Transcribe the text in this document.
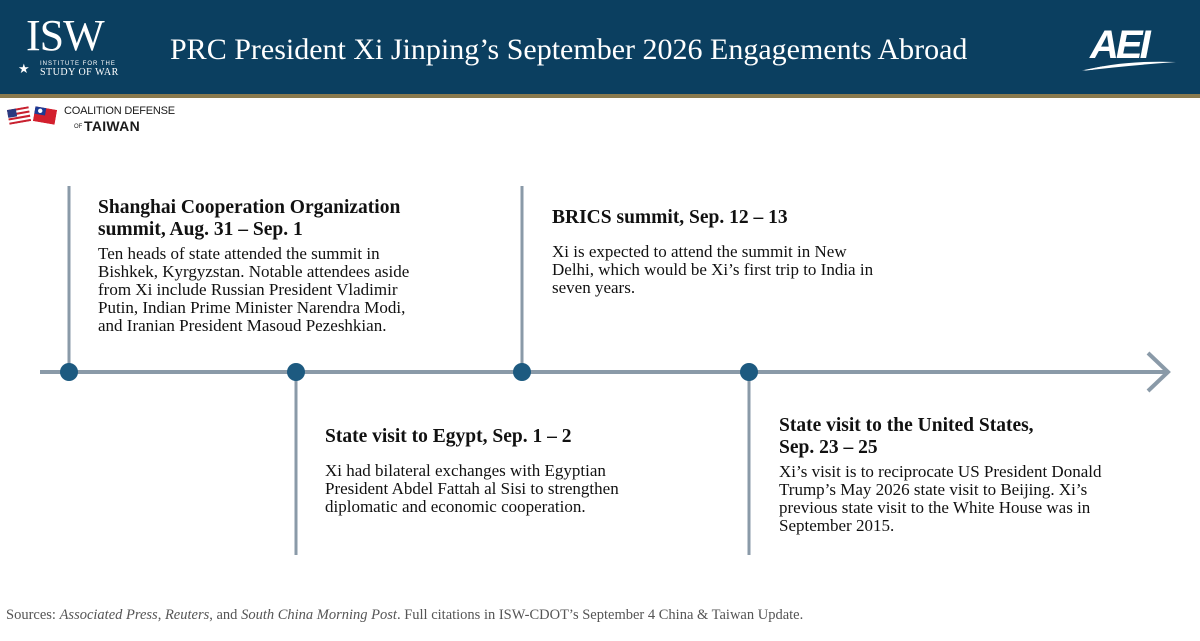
★
ISW
INSTITUTE FOR THE
STUDY OF WAR
PRC President Xi Jinping’s September 2026 Engagements Abroad	AEI
COALITION DEFENSE
OF TAIWAN
Shanghai Cooperation Organization
summit, Aug. 31 – Sep. 1
Ten heads of state attended the summit in
Bishkek, Kyrgyzstan. Notable attendees aside
from Xi include Russian President Vladimir
Putin, Indian Prime Minister Narendra Modi,
and Iranian President Masoud Pezeshkian.
State visit to Egypt, Sep. 1 – 2
Xi had bilateral exchanges with Egyptian
President Abdel Fattah al Sisi to strengthen
diplomatic and economic cooperation.
BRICS summit, Sep. 12 – 13
Xi is expected to attend the summit in New
Delhi, which would be Xi’s first trip to India in
seven years.
State visit to the United States,
Sep. 23 – 25
Xi’s visit is to reciprocate US President Donald
Trump’s May 2026 state visit to Beijing. Xi’s
previous state visit to the White House was in
September 2015.
Sources: Associated Press, Reuters, and South China Morning Post. Full citations in ISW-CDOT’s September 4 China & Taiwan Update.
